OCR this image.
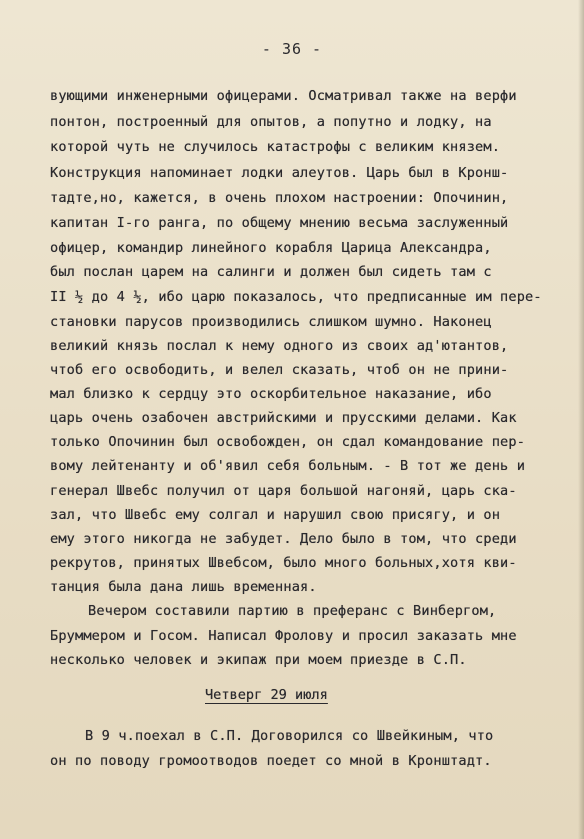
- 36 -
вующими инженерными офицерами. Осматривал также на верфи
понтон, построенный для опытов, а попутно и лодку, на
которой чуть не случилось катастрофы с великим князем.
Конструкция напоминает лодки алеутов. Царь был в Кронш-
тадте,но, кажется, в очень плохом настроении: Опочинин,
капитан I-го ранга, по общему мнению весьма заслуженный
офицер, командир линейного корабля Царица Александра,
был послан царем на салинги и должен был сидеть там с
II ½ до 4 ½, ибо царю показалось, что предписанные им пере-
становки парусов производились слишком шумно. Наконец
великий князь послал к нему одного из своих ад'ютантов,
чтоб его освободить, и велел сказать, чтоб он не прини-
мал близко к сердцу это оскорбительное наказание, ибо
царь очень озабочен австрийскими и прусскими делами. Как
только Опочинин был освобожден, он сдал командование пер-
вому лейтенанту и об'явил себя больным. - В тот же день и
генерал Швебс получил от царя большой нагоняй, царь ска-
зал, что Швебс ему солгал и нарушил свою присягу, и он
ему этого никогда не забудет. Дело было в том, что среди
рекрутов, принятых Швебсом, было много больных,хотя кви-
танция была дана лишь временная.
Вечером составили партию в преферанс с Винбергом,
Бруммером и Госом. Написал Фролову и просил заказать мне
несколько человек и экипаж при моем приезде в С.П.
В 9 ч.поехал в С.П. Договорился со Швейкиным, что
он по поводу громоотводов поедет со мной в Кронштадт.
Четверг 29 июля
